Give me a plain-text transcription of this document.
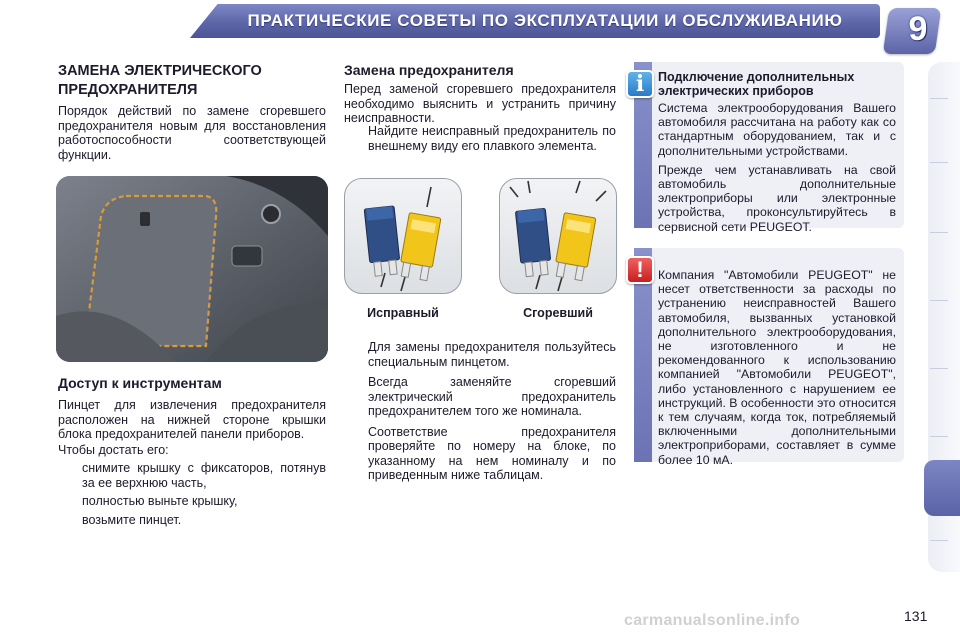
ПРАКТИЧЕСКИЕ СОВЕТЫ ПО ЭКСПЛУАТАЦИИ И ОБСЛУЖИВАНИЮ	9
ЗАМЕНА ЭЛЕКТРИЧЕСКОГО
ПРЕДОХРАНИТЕЛЯ
Порядок действий по замене сгоревшего предохранителя новым для восстановления работоспособности соответствующей функции.
Доступ к инструментам
Пинцет для извлечения предохранителя расположен на нижней стороне крышки блока предохранителей панели приборов.
Чтобы достать его:
снимите крышку с фиксаторов, потянув за ее верхнюю часть,
полностью выньте крышку,
возьмите пинцет.
Замена предохранителя
Перед заменой сгоревшего предохранителя необходимо выяснить и устранить причину неисправности.
Найдите неисправный предохранитель по внешнему виду его плавкого элемента.
Исправный	Сгоревший
Для замены предохранителя пользуйтесь специальным пинцетом.
Всегда заменяйте сгоревший электрический предохранитель предохранителем того же номинала.
Соответствие предохранителя проверяйте по номеру на блоке, по указанному на нем номиналу и по приведенным ниже таблицам.
i	Подключение дополнительных электрических приборов
Система электрооборудования Вашего автомобиля рассчитана на работу как со стандартным оборудованием, так и с дополнительными устройствами.
Прежде чем устанавливать на свой автомобиль дополнительные электроприборы или электронные устройства, проконсультируйтесь в сервисной сети PEUGEOT.
!	Компания "Автомобили PEUGEOT" не несет ответственности за расходы по устранению неисправностей Вашего автомобиля, вызванных установкой дополнительного электрооборудования, не изготовленного и не рекомендованного к использованию компанией "Автомобили PEUGEOT", либо установленного с нарушением ее инструкций. В особенности это относится к тем случаям, когда ток, потребляемый включенными дополнительными электроприборами, составляет в сумме более 10 мА.
carmanualsonline.info	131
